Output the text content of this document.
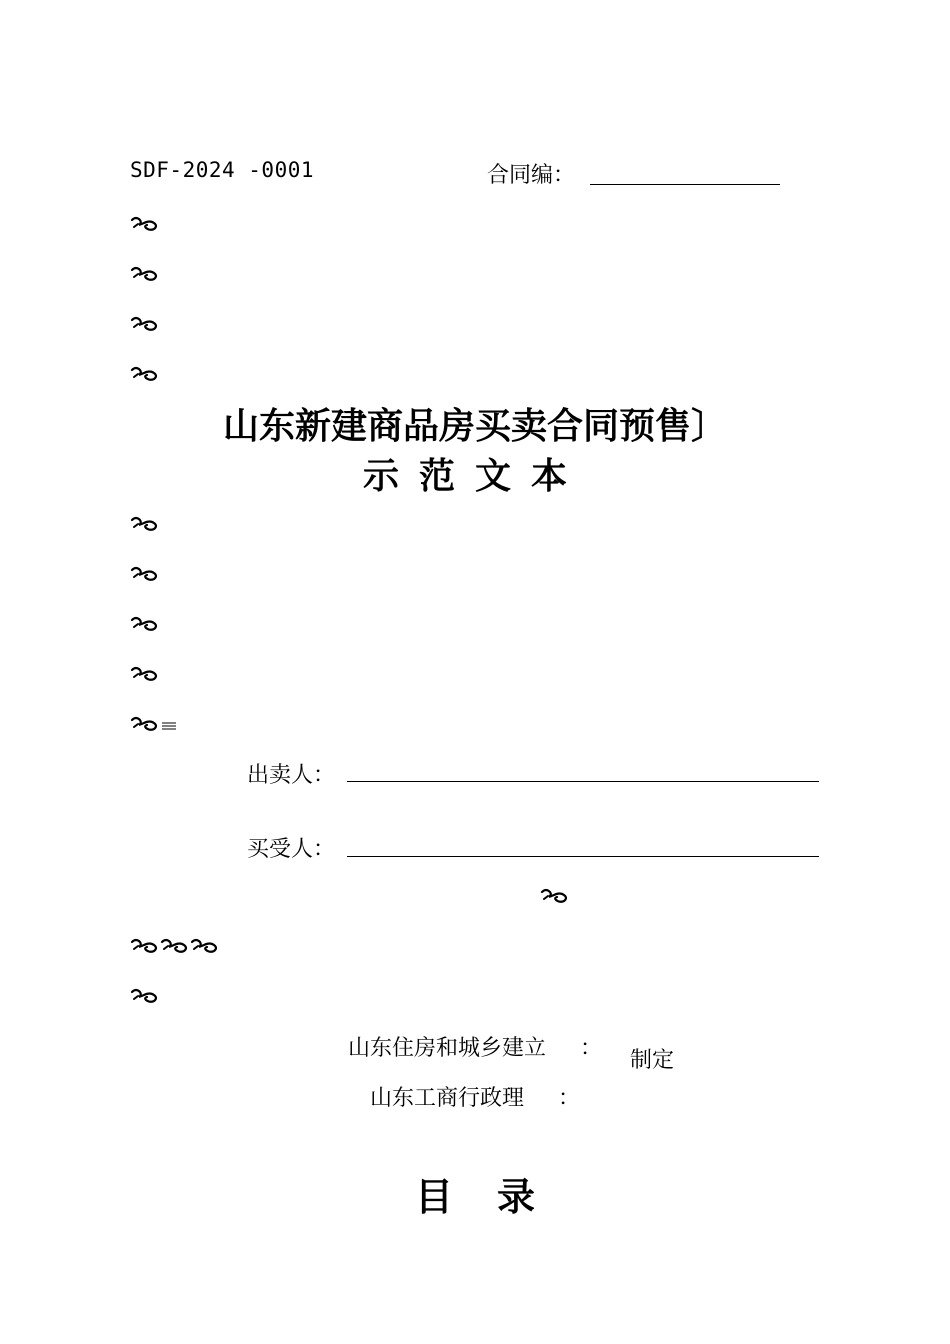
SDF-2024 -0001	合同编：
山东新建商品房买卖合同预售〕
示范文本
出卖人：
买受人：
山东住房和城乡建立 ： 制定
山东工商行政理 ：
目录
